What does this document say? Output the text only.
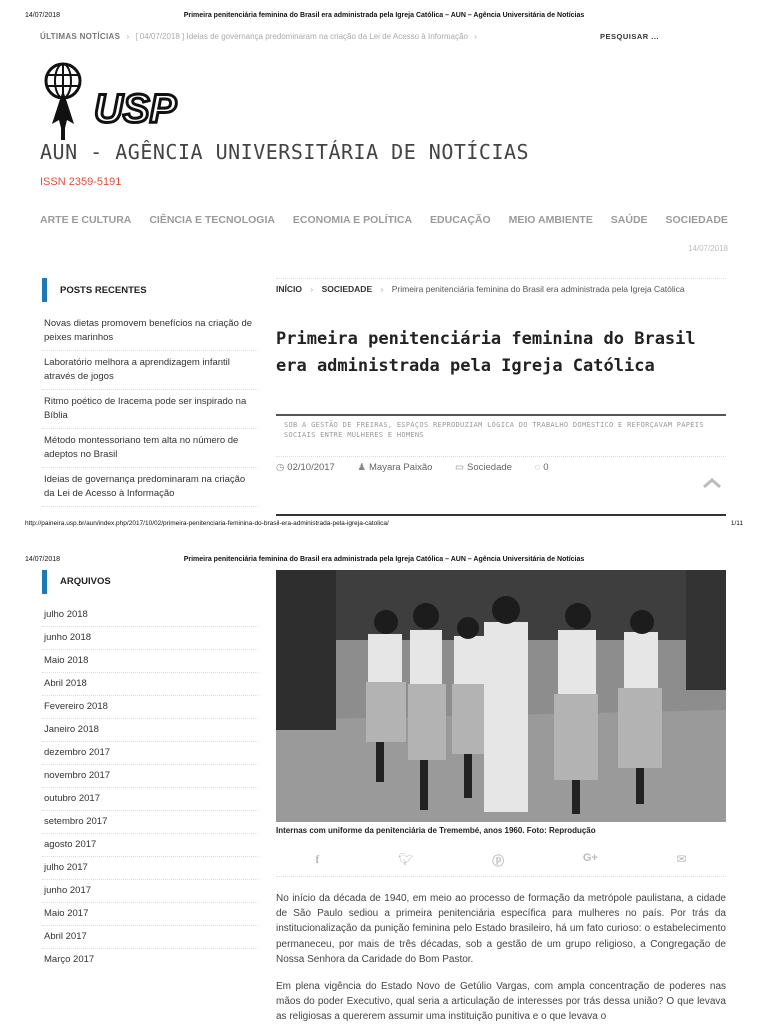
14/07/2018	Primeira penitenciária feminina do Brasil era administrada pela Igreja Católica – AUN – Agência Universitária de Notícias
ÚLTIMAS NOTÍCIAS › [ 04/07/2018 ] Ideias de governança predominaram na criação da Lei de Acesso à Informação ›	PESQUISAR ...
USP
AUN - AGÊNCIA UNIVERSITÁRIA DE NOTÍCIAS
ISSN 2359-5191
ARTE E CULTURA CIÊNCIA E TECNOLOGIA ECONOMIA E POLÍTICA EDUCAÇÃO MEIO AMBIENTE SAÚDE SOCIEDADE
14/07/2018
POSTS RECENTES
Novas dietas promovem benefícios na criação de peixes marinhos
Laboratório melhora a aprendizagem infantil através de jogos
Ritmo poético de Iracema pode ser inspirado na Bíblia
Método montessoriano tem alta no número de adeptos no Brasil
Ideias de governança predominaram na criação da Lei de Acesso à Informação
INÍCIO › SOCIEDADE › Primeira penitenciária feminina do Brasil era administrada pela Igreja Católica
Primeira penitenciária feminina do Brasil era administrada pela Igreja Católica
SOB A GESTÃO DE FREIRAS, ESPAÇOS REPRODUZIAM LÓGICA DO TRABALHO DOMÉSTICO E REFORÇAVAM PAPÉIS SOCIAIS ENTRE MULHERES E HOMENS
◷ 02/10/2017 ♟ Mayara Paixão ▭ Sociedade ◌ 0
http://paineira.usp.br/aun/index.php/2017/10/02/primeira-penitenciaria-feminina-do-brasil-era-administrada-pela-igreja-catolica/	1/11
14/07/2018	Primeira penitenciária feminina do Brasil era administrada pela Igreja Católica – AUN – Agência Universitária de Notícias
ARQUIVOS
julho 2018
junho 2018
Maio 2018
Abril 2018
Fevereiro 2018
Janeiro 2018
dezembro 2017
novembro 2017
outubro 2017
setembro 2017
agosto 2017
julho 2017
junho 2017
Maio 2017
Abril 2017
Março 2017
Internas com uniforme da penitenciária de Tremembé, anos 1960. Foto: Reprodução
f	🐦︎	ⓟ	G+	✉

No início da década de 1940, em meio ao processo de formação da metrópole paulistana, a cidade de São Paulo sediou a primeira penitenciária específica para mulheres no país. Por trás da institucionalização da punição feminina pelo Estado brasileiro, há um fato curioso: o estabelecimento permaneceu, por mais de três décadas, sob a gestão de um grupo religioso, a Congregação de Nossa Senhora da Caridade do Bom Pastor.

Em plena vigência do Estado Novo de Getúlio Vargas, com ampla concentração de poderes nas mãos do poder Executivo, qual seria a articulação de interesses por trás dessa união? O que levava as religiosas a quererem assumir uma instituição punitiva e o que levava o
